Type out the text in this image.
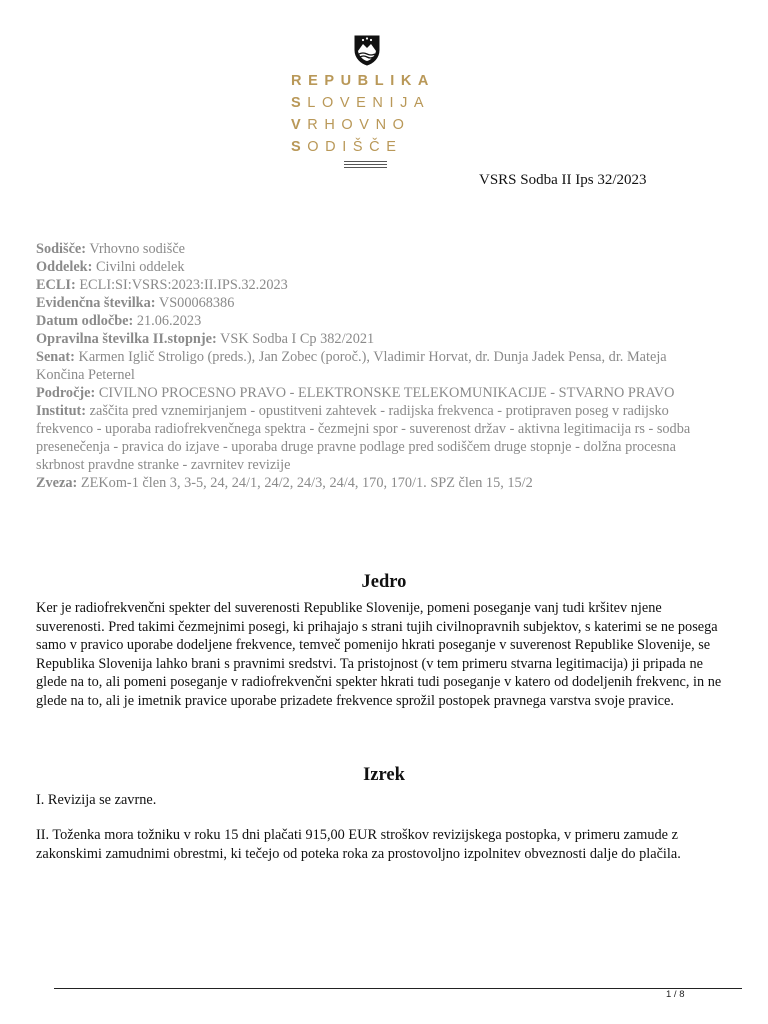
REPUBLIKA
SLOVENIJA
VRHOVNO
SODIŠČE
VSRS Sodba II Ips 32/2023

Sodišče: Vrhovno sodišče

Oddelek: Civilni oddelek

ECLI: ECLI:SI:VSRS:2023:II.IPS.32.2023

Evidenčna številka: VS00068386

Datum odločbe: 21.06.2023

Opravilna številka II.stopnje: VSK Sodba I Cp 382/2021

Senat: Karmen Iglič Stroligo (preds.), Jan Zobec (poroč.), Vladimir Horvat, dr. Dunja Jadek Pensa, dr. Mateja Končina Peternel

Področje: CIVILNO PROCESNO PRAVO - ELEKTRONSKE TELEKOMUNIKACIJE - STVARNO PRAVO

Institut: zaščita pred vznemirjanjem - opustitveni zahtevek - radijska frekvenca - protipraven poseg v radijsko frekvenco - uporaba radiofrekvenčnega spektra - čezmejni spor - suverenost držav - aktivna legitimacija rs - sodba presenečenja - pravica do izjave - uporaba druge pravne podlage pred sodiščem druge stopnje - dolžna procesna skrbnost pravdne stranke - zavrnitev revizije

Zveza: ZEKom-1 člen 3, 3-5, 24, 24/1, 24/2, 24/3, 24/4, 170, 170/1. SPZ člen 15, 15/2

Jedro

Ker je radiofrekvenčni spekter del suverenosti Republike Slovenije, pomeni poseganje vanj tudi kršitev njene suverenosti. Pred takimi čezmejnimi posegi, ki prihajajo s strani tujih civilnopravnih subjektov, s katerimi se ne posega samo v pravico uporabe dodeljene frekvence, temveč pomenijo hkrati poseganje v suverenost Republike Slovenije, se Republika Slovenija lahko brani s pravnimi sredstvi. Ta pristojnost (v tem primeru stvarna legitimacija) ji pripada ne glede na to, ali pomeni poseganje v radiofrekvenčni spekter hkrati tudi poseganje v katero od dodeljenih frekvenc, in ne glede na to, ali je imetnik pravice uporabe prizadete frekvence sprožil postopek pravnega varstva svoje pravice.

Izrek

I. Revizija se zavrne.

II. Toženka mora tožniku v roku 15 dni plačati 915,00 EUR stroškov revizijskega postopka, v primeru zamude z zakonskimi zamudnimi obrestmi, ki tečejo od poteka roka za prostovoljno izpolnitev obveznosti dalje do plačila.

1 / 8
